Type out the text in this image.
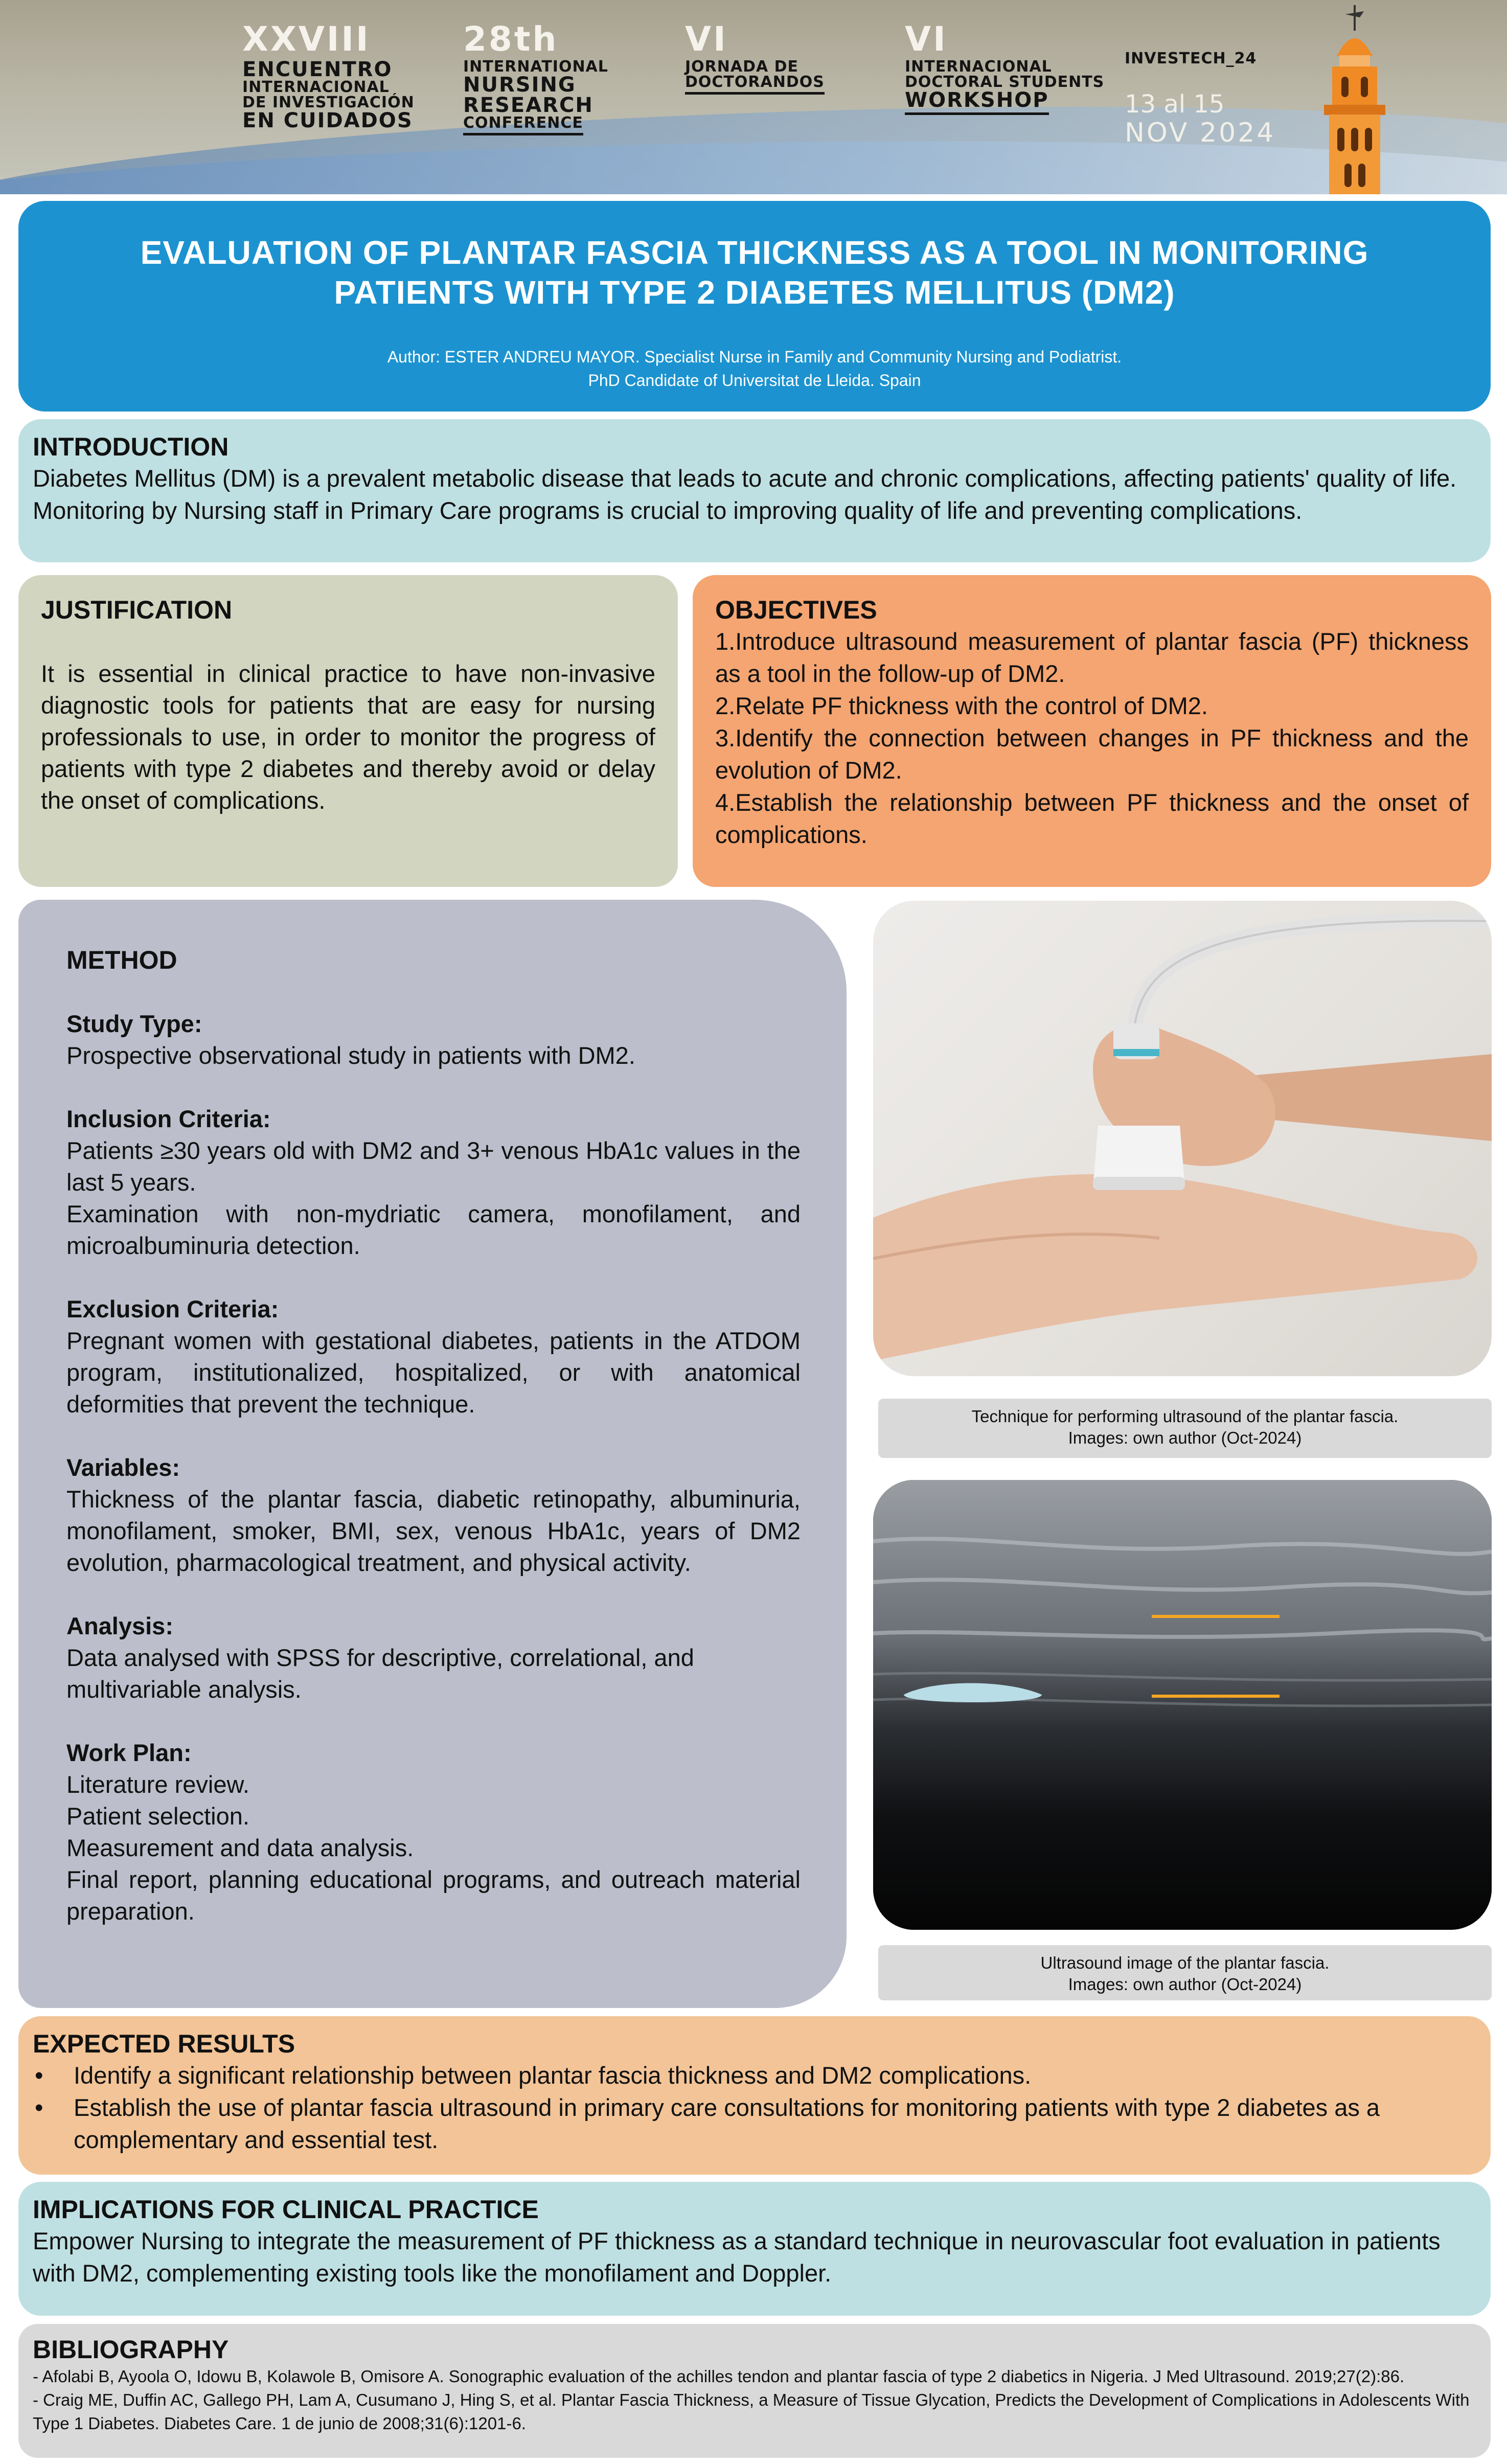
XXVIII
ENCUENTRO
INTERNACIONAL
DE INVESTIGACIÓN
EN CUIDADOS
28th
INTERNATIONAL
NURSING
RESEARCH
CONFERENCE
VI
JORNADA DE
DOCTORANDOS
VI
INTERNACIONAL
DOCTORAL STUDENTS
WORKSHOP
INVESTECH_24
13 al 15
NOV 2024
EVALUATION OF PLANTAR FASCIA THICKNESS AS A TOOL IN MONITORING
PATIENTS WITH TYPE 2 DIABETES MELLITUS (DM2)
Author: ESTER ANDREU MAYOR. Specialist Nurse in Family and Community Nursing and Podiatrist.
PhD Candidate of Universitat de Lleida. Spain
INTRODUCTION

Diabetes Mellitus (DM) is a prevalent metabolic disease that leads to acute and chronic complications, affecting patients' quality of life. Monitoring by Nursing staff in Primary Care programs is crucial to improving quality of life and preventing complications.

JUSTIFICATION

It is essential in clinical practice to have non-invasive diagnostic tools for patients that are easy for nursing professionals to use, in order to monitor the progress of patients with type 2 diabetes and thereby avoid or delay the onset of complications.

OBJECTIVES
1.Introduce ultrasound measurement of plantar fascia (PF) thickness as a tool in the follow-up of DM2.
2.Relate PF thickness with the control of DM2.
3.Identify the connection between changes in PF thickness and the evolution of DM2.
4.Establish the relationship between PF thickness and the onset of complications.
METHOD
Study Type:

Prospective observational study in patients with DM2.

Inclusion Criteria:

Patients ≥30 years old with DM2 and 3+ venous HbA1c values in the last 5 years.

Examination with non-mydriatic camera, monofilament, and microalbuminuria detection.

Exclusion Criteria:

Pregnant women with gestational diabetes, patients in the ATDOM program, institutionalized, hospitalized, or with anatomical deformities that prevent the technique.

Variables:

Thickness of the plantar fascia, diabetic retinopathy, albuminuria, monofilament, smoker, BMI, sex, venous HbA1c, years of DM2 evolution, pharmacological treatment, and physical activity.

Analysis:

Data analysed with SPSS for descriptive, correlational, and multivariable analysis.

Work Plan:

Literature review.

Patient selection.

Measurement and data analysis.

Final report, planning educational programs, and outreach material preparation.

Technique for performing ultrasound of the plantar fascia.
Images: own author (Oct-2024)
Ultrasound image of the plantar fascia.
Images: own author (Oct-2024)
EXPECTED RESULTS
• Identify a significant relationship between plantar fascia thickness and DM2 complications.
• Establish the use of plantar fascia ultrasound in primary care consultations for monitoring patients with type 2 diabetes as a complementary and essential test.
IMPLICATIONS FOR CLINICAL PRACTICE

Empower Nursing to integrate the measurement of PF thickness as a standard technique in neurovascular foot evaluation in patients with DM2, complementing existing tools like the monofilament and Doppler.

BIBLIOGRAPHY

- Afolabi B, Ayoola O, Idowu B, Kolawole B, Omisore A. Sonographic evaluation of the achilles tendon and plantar fascia of type 2 diabetics in Nigeria. J Med Ultrasound. 2019;27(2):86.

- Craig ME, Duffin AC, Gallego PH, Lam A, Cusumano J, Hing S, et al. Plantar Fascia Thickness, a Measure of Tissue Glycation, Predicts the Development of Complications in Adolescents With Type 1 Diabetes. Diabetes Care. 1 de junio de 2008;31(6):1201-6.
